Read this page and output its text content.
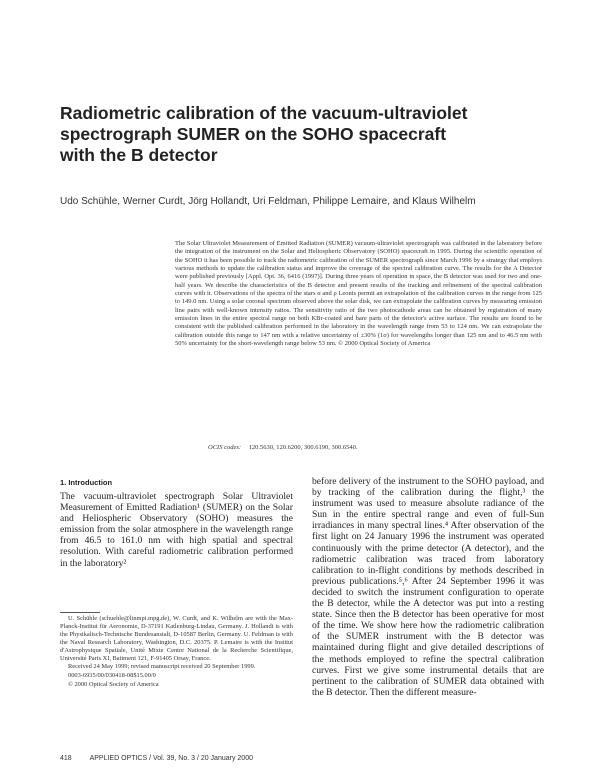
Radiometric calibration of the vacuum-ultraviolet
spectrograph SUMER on the SOHO spacecraft
with the B detector
Udo Schühle, Werner Curdt, Jörg Hollandt, Uri Feldman, Philippe Lemaire, and Klaus Wilhelm
The Solar Ultraviolet Measurement of Emitted Radiation (SUMER) vacuum-ultraviolet spectrograph was calibrated in the laboratory before the integration of the instrument on the Solar and Heliospheric Observatory (SOHO) spacecraft in 1995. During the scientific operation of the SOHO it has been possible to track the radiometric calibration of the SUMER spectrograph since March 1996 by a strategy that employs various methods to update the calibration status and improve the coverage of the spectral calibration curve. The results for the A Detector were published previously [Appl. Opt. 36, 6416 (1997)]. During three years of operation in space, the B detector was used for two and one-half years. We describe the characteristics of the B detector and present results of the tracking and refinement of the spectral calibration curves with it. Observations of the spectra of the stars α and ρ Leonis permit an extrapolation of the calibration curves in the range from 125 to 149.0 nm. Using a solar coronal spectrum observed above the solar disk, we can extrapolate the calibration curves by measuring emission line pairs with well-known intensity ratios. The sensitivity ratio of the two photocathode areas can be obtained by registration of many emission lines in the entire spectral range on both KBr-coated and bare parts of the detector's active surface. The results are found to be consistent with the published calibration performed in the laboratory in the wavelength range from 53 to 124 nm. We can extrapolate the calibration outside this range to 147 nm with a relative uncertainty of ±30% (1σ) for wavelengths longer than 125 nm and to 46.5 nm with 50% uncertainty for the short-wavelength range below 53 nm. © 2000 Optical Society of America
OCIS codes: 120.5630, 120.6200, 300.6190, 300.6540.
1. Introduction
The vacuum-ultraviolet spectrograph Solar Ultraviolet Measurement of Emitted Radiation¹ (SUMER) on the Solar and Heliospheric Observatory (SOHO) measures the emission from the solar atmosphere in the wavelength range from 46.5 to 161.0 nm with high spatial and spectral resolution. With careful radiometric calibration performed in the laboratory²

U. Schühle (schuehle@linmpi.mpg.de), W. Curdt, and K. Wilhelm are with the Max-Planck-Institut für Aeronomie, D-37191 Katlenburg-Lindau, Germany. J. Hollandt is with the Physikalisch-Technische Bundesanstalt, D-10587 Berlin, Germany. U. Feldman is with the Naval Research Laboratory, Washington, D.C. 20375. P. Lemaire is with the Institut d'Astrophysique Spatiale, Unité Mixte Centre National de la Recherche Scientifique, Université Paris XI, Batiment 121, F-91405 Orsay, France.

Received 24 May 1999; revised manuscript received 20 September 1999.

0003-6935/00/030418-08$15.00/0

© 2000 Optical Society of America

before delivery of the instrument to the SOHO payload, and by tracking of the calibration during the flight,³ the instrument was used to measure absolute radiance of the Sun in the entire spectral range and even of full-Sun irradiances in many spectral lines.⁴ After observation of the first light on 24 January 1996 the instrument was operated continuously with the prime detector (A detector), and the radiometric calibration was traced from laboratory calibration to in-flight conditions by methods described in previous publications.⁵,⁶ After 24 September 1996 it was decided to switch the instrument configuration to operate the B detector, while the A detector was put into a resting state. Since then the B detector has been operative for most of the time. We show here how the radiometric calibration of the SUMER instrument with the B detector was maintained during flight and give detailed descriptions of the methods employed to refine the spectral calibration curves. First we give some instrumental details that are pertinent to the calibration of SUMER data obtained with the B detector. Then the different measure-
418	APPLIED OPTICS / Vol. 39, No. 3 / 20 January 2000
